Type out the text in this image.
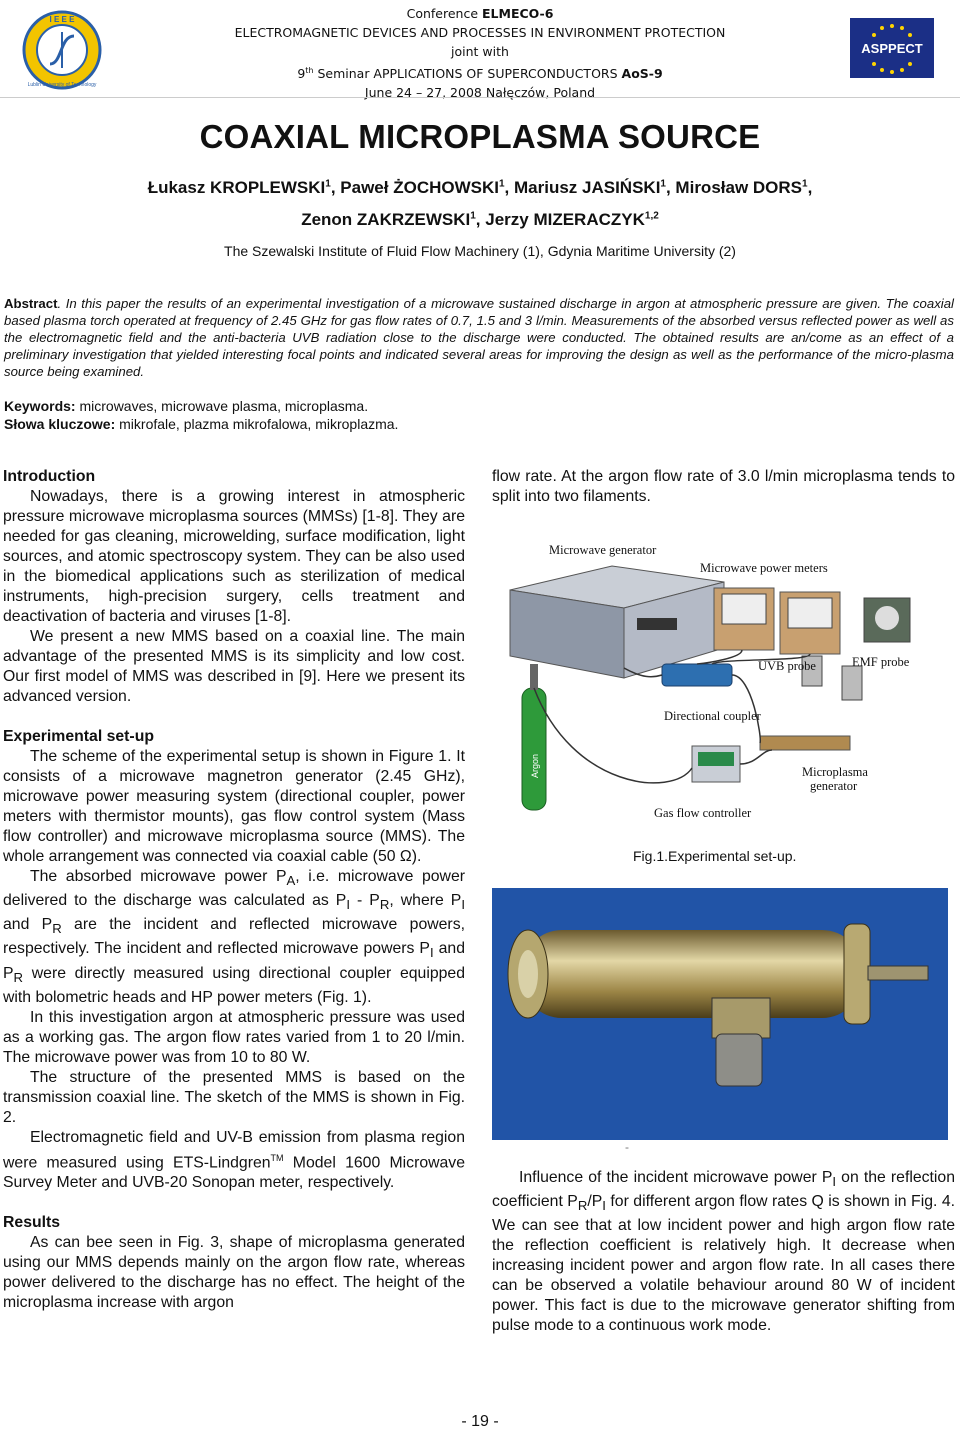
I E E E
Lublin University of Technology
Conference ELMECO-6
ELECTROMAGNETIC DEVICES AND PROCESSES IN ENVIRONMENT PROTECTION
joint with
9th Seminar APPLICATIONS OF SUPERCONDUCTORS AoS-9
June 24 – 27, 2008 Nałęczów, Poland
ASPPECT
COAXIAL MICROPLASMA SOURCE
Łukasz KROPLEWSKI$^1$, Paweł ŻOCHOWSKI$^1$, Mariusz JASIŃSKI$^1$, Mirosław DORS$^1$,
Zenon ZAKRZEWSKI$^1$, Jerzy MIZERACZYK$^{1,2}$
The Szewalski Institute of Fluid Flow Machinery (1), Gdynia Maritime University (2)
Abstract. In this paper the results of an experimental investigation of a microwave sustained discharge in argon at atmospheric pressure are given. The coaxial based plasma torch operated at frequency of 2.45 GHz for gas flow rates of 0.7, 1.5 and 3 l/min. Measurements of the absorbed versus reflected power as well as the electromagnetic field and the anti-bacteria UVB radiation close to the discharge were conducted. The obtained results are an/come as an effect of a preliminary investigation that yielded interesting focal points and indicated several areas for improving the design as well as the performance of the micro-plasma source being examined.
Keywords: microwaves, microwave plasma, microplasma.
Słowa kluczowe: mikrofale, plazma mikrofalowa, mikroplazma.

Introduction

Nowadays, there is a growing interest in atmospheric pressure microwave microplasma sources (MMSs) [1-8]. They are needed for gas cleaning, microwelding, surface modification, light sources, and atomic spectroscopy system. They can be also used in the biomedical applications such as sterilization of medical instruments, high-precision surgery, cells treatment and deactivation of bacteria and viruses [1-8].

We present a new MMS based on a coaxial line. The main advantage of the presented MMS is its simplicity and low cost. Our first model of MMS was described in [9]. Here we present its advanced version.

Experimental set-up

The scheme of the experimental setup is shown in Figure 1. It consists of a microwave magnetron generator (2.45 GHz), microwave power measuring system (directional coupler, power meters with thermistor mounts), gas flow control system (Mass flow controller) and microwave microplasma source (MMS). The whole arrangement was connected via coaxial cable (50 Ω).

The absorbed microwave power $P_A$, i.e. microwave power delivered to the discharge was calculated as $P_I - P_R$, where $P_I$ and $P_R$ are the incident and reflected microwave powers, respectively. The incident and reflected microwave powers $P_I$ and $P_R$ were directly measured using directional coupler equipped with bolometric heads and HP power meters (Fig. 1).

In this investigation argon at atmospheric pressure was used as a working gas. The argon flow rates varied from 1 to 20 l/min. The microwave power was from 10 to 80 W.

The structure of the presented MMS is based on the transmission coaxial line. The sketch of the MMS is shown in Fig. 2.

Electromagnetic field and UV-B emission from plasma region were measured using ETS-Lindgren™ Model 1600 Microwave Survey Meter and UVB-20 Sonopan meter, respectively.

Results

As can bee seen in Fig. 3, shape of microplasma generated using our MMS depends mainly on the argon flow rate, whereas power delivered to the discharge has no effect. The height of the microplasma increase with argon

flow rate. At the argon flow rate of 3.0 l/min microplasma tends to split into two filaments.

Microwave generator
Microwave power meters
UVB probe	EMF probe
Directional coupler
Microplasma
generator
Gas flow controller
Argon
Fig.1.Experimental set-up.
-

Influence of the incident microwave power $P_I$ on the reflection coefficient $P_R/P_I$ for different argon flow rates Q is shown in Fig. 4. We can see that at low incident power and high argon flow rate the reflection coefficient is relatively high. It decrease when increasing incident power and argon flow rate. In all cases there can be observed a volatile behaviour around 80 W of incident power. This fact is due to the microwave generator shifting from pulse mode to a continuous work mode.

- 19 -
